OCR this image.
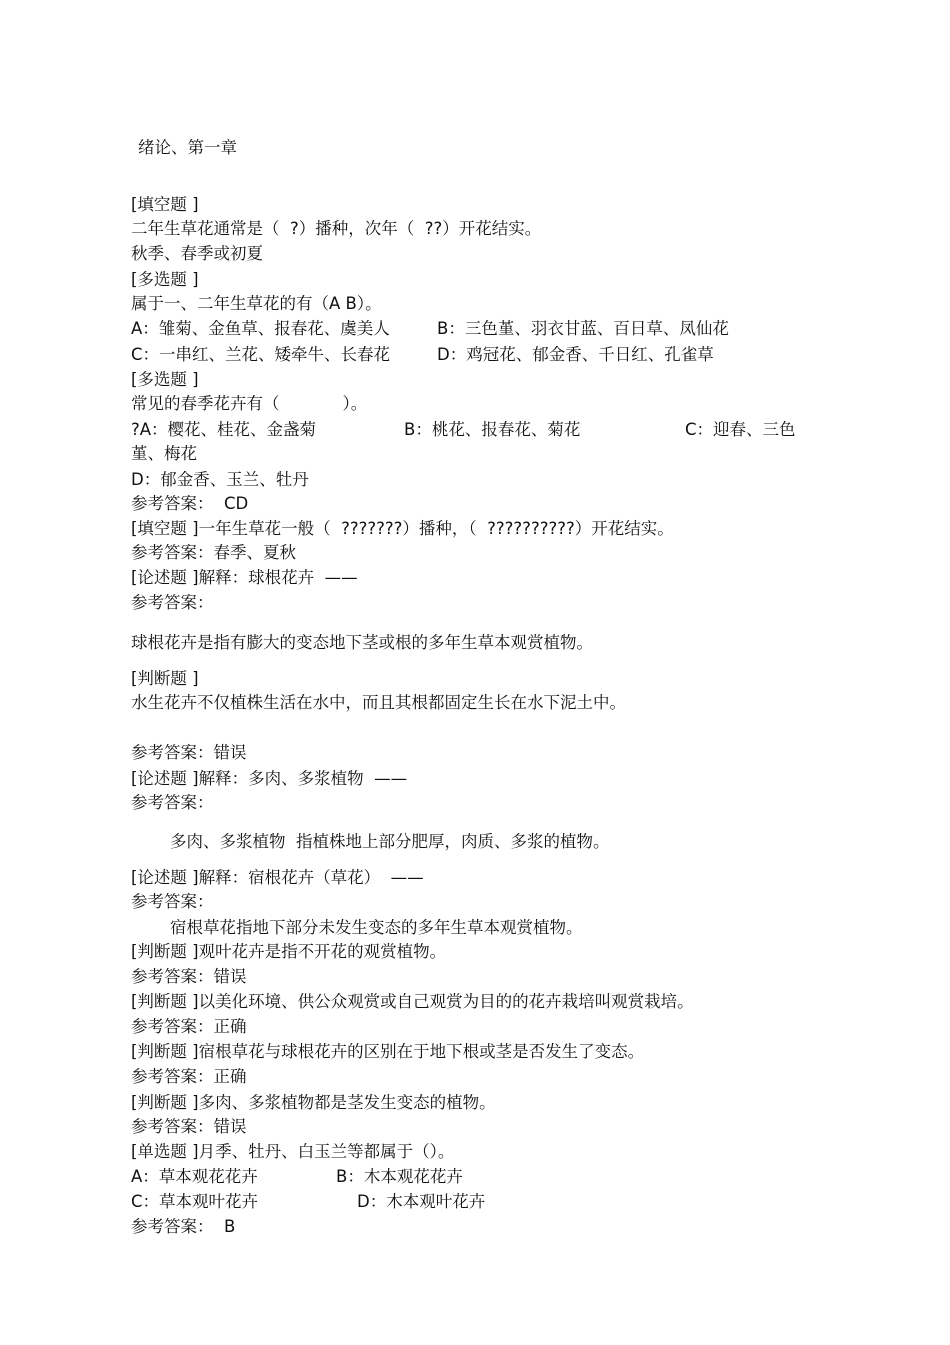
绪论、第一章
[填空题 ]
二年生草花通常是（  ?）播种，次年（  ??）开花结实。
秋季、春季或初夏
[多选题 ]
属于一、二年生草花的有（A B）。
A：雏菊、金鱼草、报春花、虞美人	B：三色堇、羽衣甘蓝、百日草、凤仙花
C：一串红、兰花、矮牵牛、长春花	D：鸡冠花、郁金香、千日红、孔雀草
[多选题 ]
常见的春季花卉有（            ）。
?A：樱花、桂花、金盏菊	B：桃花、报春花、菊花	C：迎春、三色
堇、梅花
D：郁金香、玉兰、牡丹
参考答案：  CD
[填空题 ]一年生草花一般（  ???????）播种，（  ??????????）开花结实。
参考答案：春季、夏秋
[论述题 ]解释：球根花卉  ——
参考答案：
球根花卉是指有膨大的变态地下茎或根的多年生草本观赏植物。
[判断题 ]
水生花卉不仅植株生活在水中，而且其根都固定生长在水下泥土中。
参考答案：错误
[论述题 ]解释：多肉、多浆植物  ——
参考答案：
多肉、多浆植物  指植株地上部分肥厚，肉质、多浆的植物。
[论述题 ]解释：宿根花卉（草花）  ——
参考答案：
宿根草花指地下部分未发生变态的多年生草本观赏植物。
[判断题 ]观叶花卉是指不开花的观赏植物。
参考答案：错误
[判断题 ]以美化环境、供公众观赏或自己观赏为目的的花卉栽培叫观赏栽培。
参考答案：正确
[判断题 ]宿根草花与球根花卉的区别在于地下根或茎是否发生了变态。
参考答案：正确
[判断题 ]多肉、多浆植物都是茎发生变态的植物。
参考答案：错误
[单选题 ]月季、牡丹、白玉兰等都属于（）。
A：草本观花花卉	B：木本观花花卉
C：草本观叶花卉	D：木本观叶花卉
参考答案：  B
